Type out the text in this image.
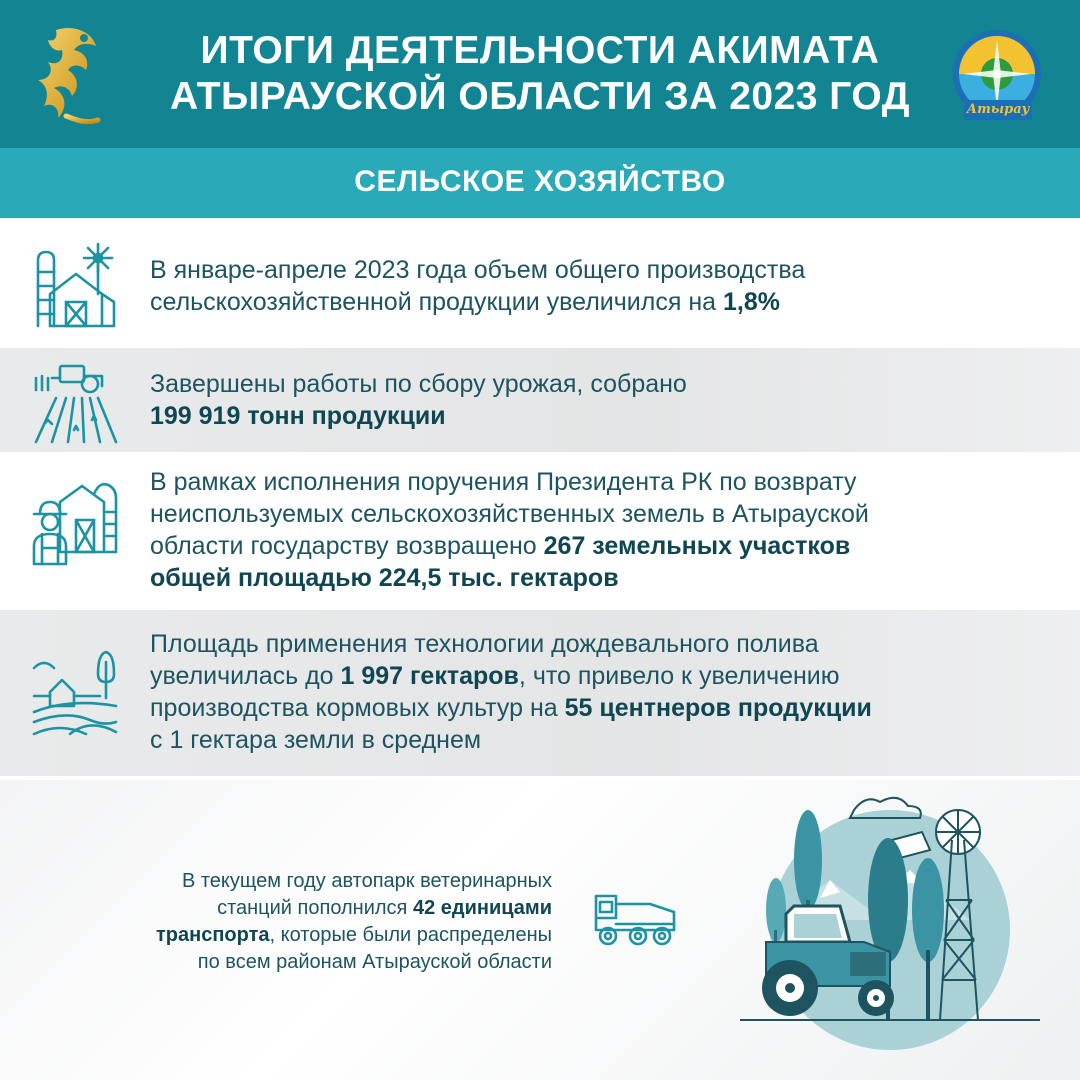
ИТОГИ ДЕЯТЕЛЬНОСТИ АКИМАТА
АТЫРАУСКОЙ ОБЛАСТИ ЗА 2023 ГОД	Атырау
СЕЛЬСКОЕ ХОЗЯЙСТВО
В январе-апреле 2023 года объем общего производства
сельскохозяйственной продукции увеличился на 1,8%
Завершены работы по сбору урожая, собрано
199 919 тонн продукции
В рамках исполнения поручения Президента РК по возврату
неиспользуемых сельскохозяйственных земель в Атырауской
области государству возвращено 267 земельных участков
общей площадью 224,5 тыс. гектаров
Площадь применения технологии дождевального полива
увеличилась до 1 997 гектаров, что привело к увеличению
производства кормовых культур на 55 центнеров продукции
с 1 гектара земли в среднем
В текущем году автопарк ветеринарных
станций пополнился 42 единицами
транспорта, которые были распределены
по всем районам Атырауской области
